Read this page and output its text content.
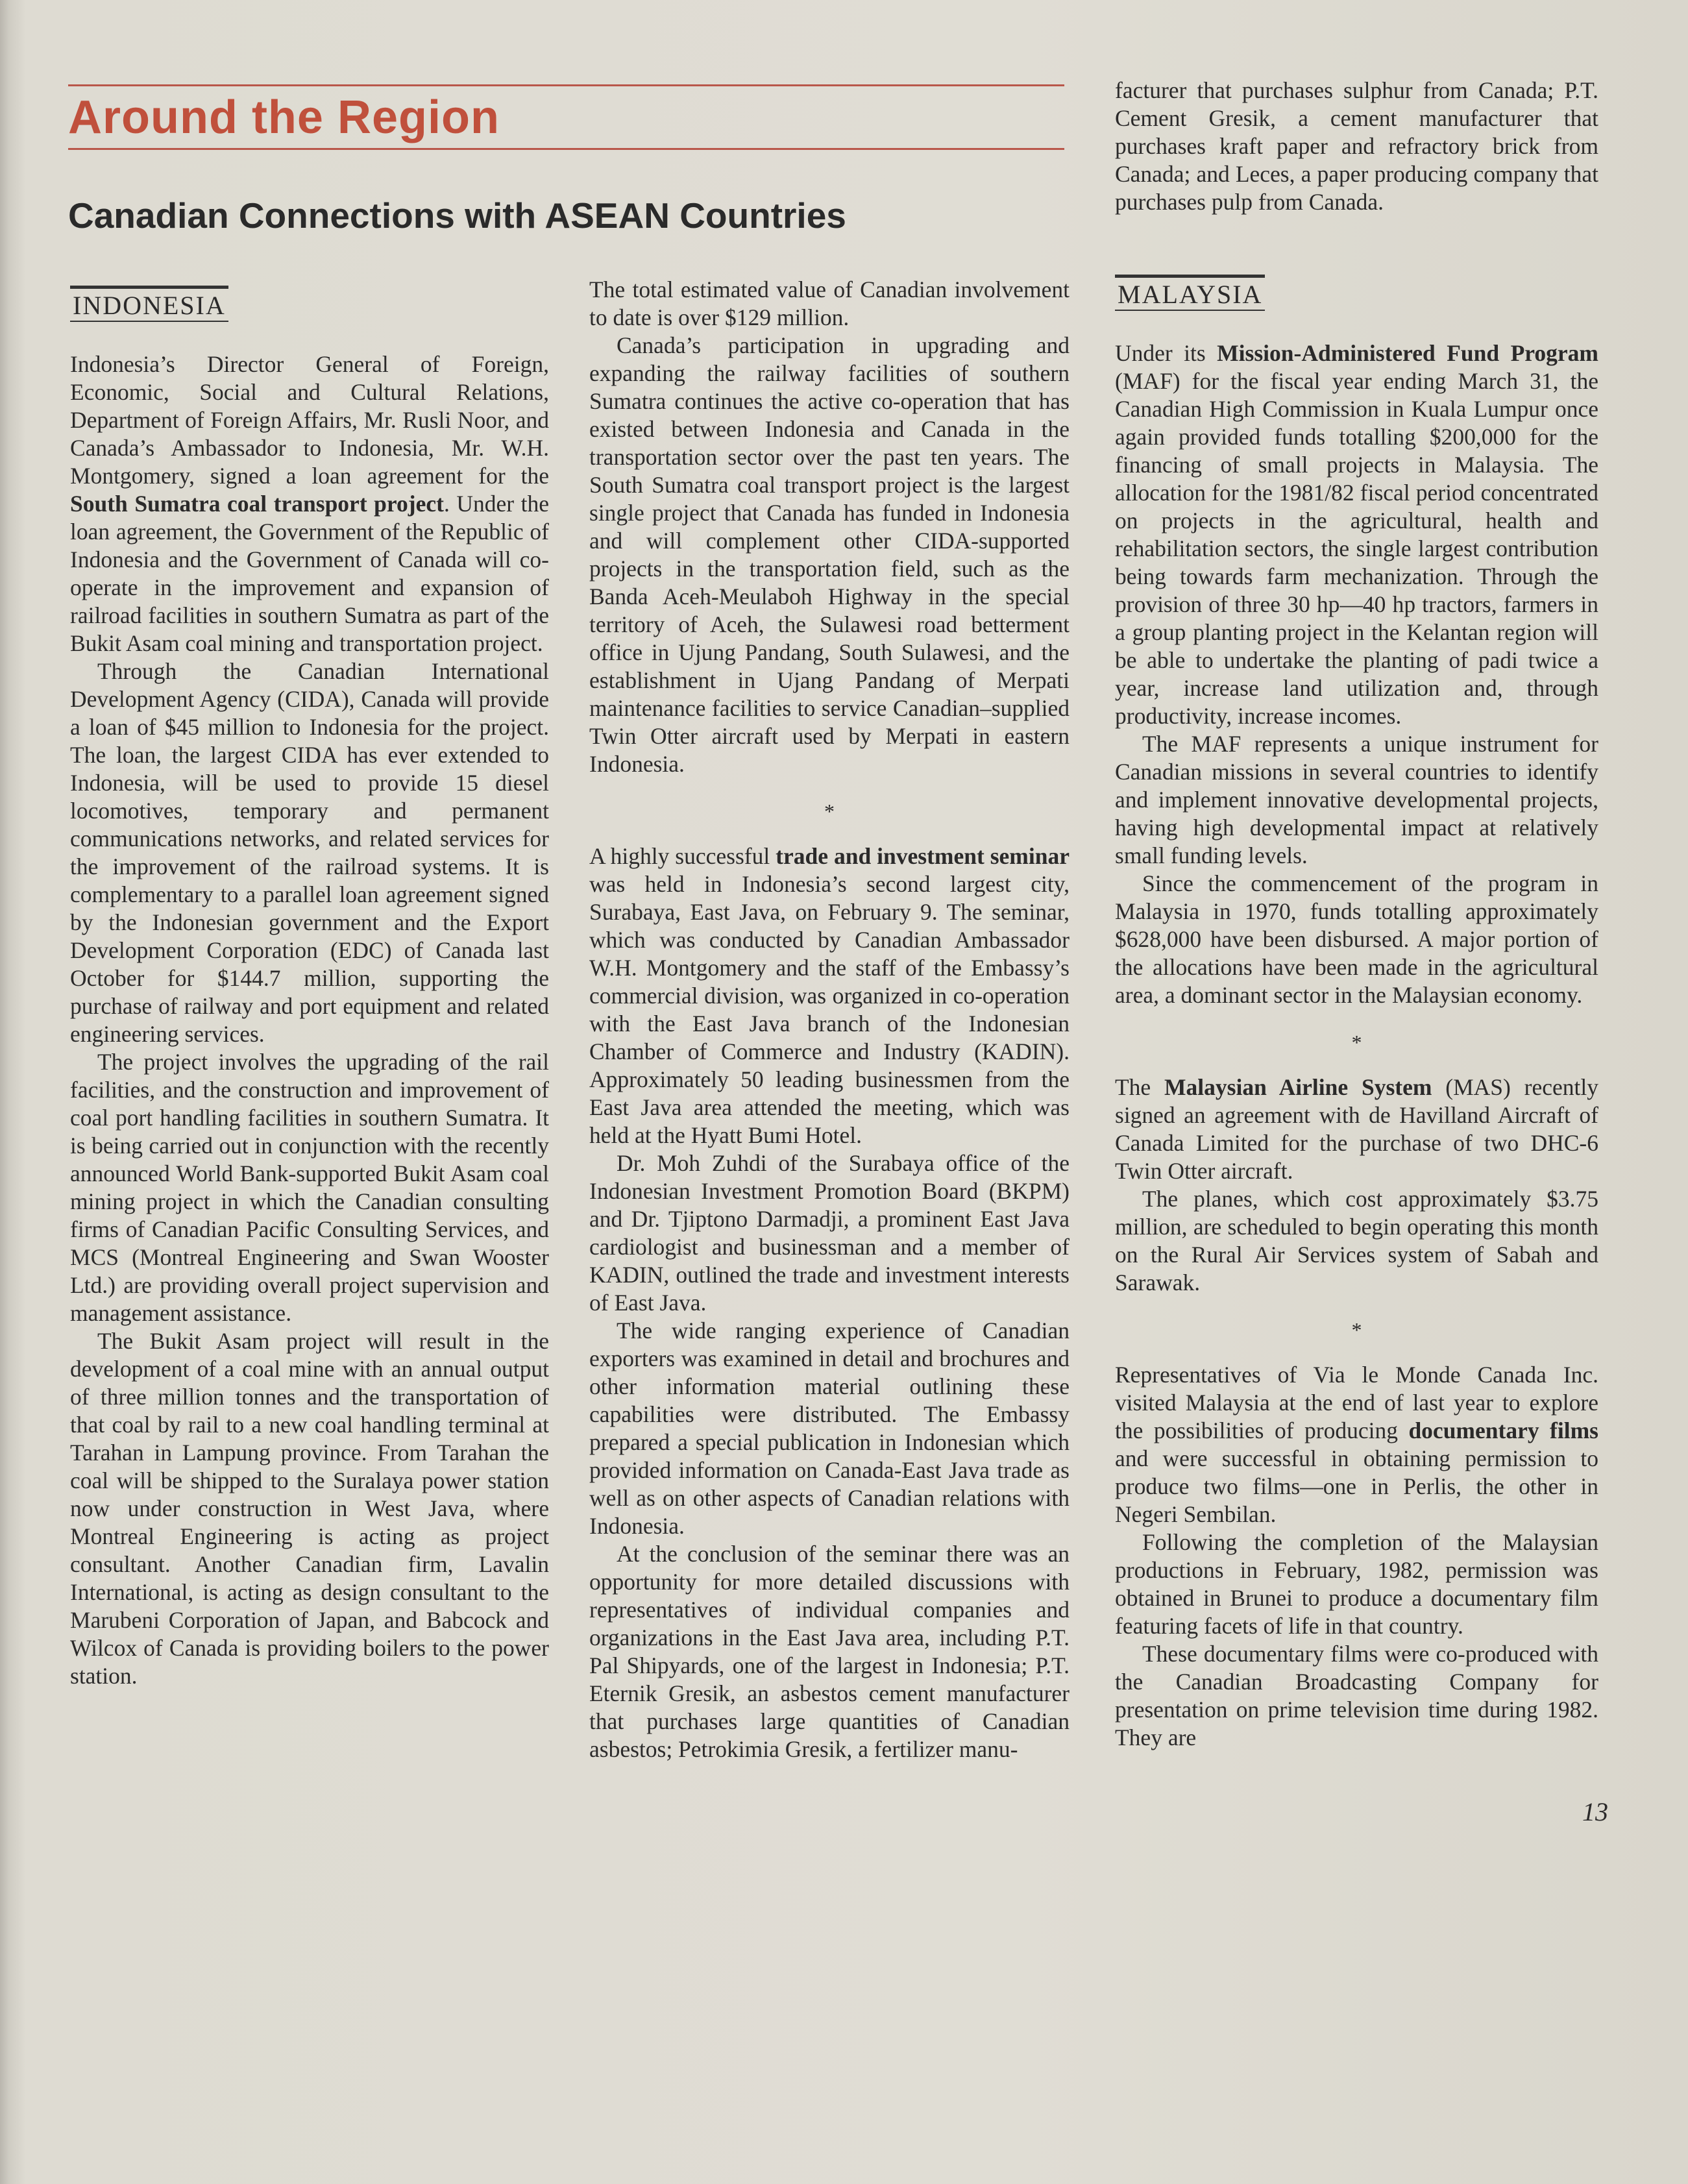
Around the Region
Canadian Connections with ASEAN Countries
INDONESIA

Indonesia’s Director General of Foreign, Economic, Social and Cultural Relations, Department of Foreign Affairs, Mr. Rusli Noor, and Canada’s Ambassador to Indonesia, Mr. W.H. Montgomery, signed a loan agreement for the South Sumatra coal transport project. Under the loan agreement, the Government of the Republic of Indonesia and the Government of Canada will co-operate in the improvement and expansion of railroad facilities in southern Sumatra as part of the Bukit Asam coal mining and transportation project.

Through the Canadian International Development Agency (CIDA), Canada will provide a loan of $45 million to Indonesia for the project. The loan, the largest CIDA has ever extended to Indonesia, will be used to provide 15 diesel locomotives, temporary and permanent communications networks, and related services for the improvement of the railroad systems. It is complementary to a parallel loan agreement signed by the Indonesian government and the Export Development Corporation (EDC) of Canada last October for $144.7 million, supporting the purchase of railway and port equipment and related engineering services.

The project involves the upgrading of the rail facilities, and the construction and improvement of coal port handling facilities in southern Sumatra. It is being carried out in conjunction with the recently announced World Bank-supported Bukit Asam coal mining project in which the Canadian consulting firms of Canadian Pacific Consulting Services, and MCS (Montreal Engineering and Swan Wooster Ltd.) are providing overall project supervision and management assistance.

The Bukit Asam project will result in the development of a coal mine with an annual output of three million tonnes and the transportation of that coal by rail to a new coal handling terminal at Tarahan in Lampung province. From Tarahan the coal will be shipped to the Suralaya power station now under construction in West Java, where Montreal Engineering is acting as project consultant. Another Canadian firm, Lavalin International, is acting as design consultant to the Marubeni Corporation of Japan, and Babcock and Wilcox of Canada is providing boilers to the power station.

The total estimated value of Canadian involvement to date is over $129 million.

Canada’s participation in upgrading and expanding the railway facilities of southern Sumatra continues the active co-operation that has existed between Indonesia and Canada in the transportation sector over the past ten years. The South Sumatra coal transport project is the largest single project that Canada has funded in Indonesia and will complement other CIDA-supported projects in the transportation field, such as the Banda Aceh-Meulaboh Highway in the special territory of Aceh, the Sulawesi road betterment office in Ujung Pandang, South Sulawesi, and the establishment in Ujang Pandang of Merpati maintenance facilities to service Canadian–supplied Twin Otter aircraft used by Merpati in eastern Indonesia.

*

A highly successful trade and investment seminar was held in Indonesia’s second largest city, Surabaya, East Java, on February 9. The seminar, which was conducted by Canadian Ambassador W.H. Montgomery and the staff of the Embassy’s commercial division, was organized in co-operation with the East Java branch of the Indonesian Chamber of Commerce and Industry (KADIN). Approximately 50 leading businessmen from the East Java area attended the meeting, which was held at the Hyatt Bumi Hotel.

Dr. Moh Zuhdi of the Surabaya office of the Indonesian Investment Promotion Board (BKPM) and Dr. Tjiptono Darmadji, a prominent East Java cardiologist and businessman and a member of KADIN, outlined the trade and investment interests of East Java.

The wide ranging experience of Canadian exporters was examined in detail and brochures and other information material outlining these capabilities were distributed. The Embassy prepared a special publication in Indonesian which provided information on Canada-East Java trade as well as on other aspects of Canadian relations with Indonesia.

At the conclusion of the seminar there was an opportunity for more detailed discussions with representatives of individual companies and organizations in the East Java area, including P.T. Pal Shipyards, one of the largest in Indonesia; P.T. Eternik Gresik, an asbestos cement manufacturer that purchases large quantities of Canadian asbestos; Petrokimia Gresik, a fertilizer manu-

facturer that purchases sulphur from Canada; P.T. Cement Gresik, a cement manufacturer that purchases kraft paper and refractory brick from Canada; and Leces, a paper producing company that purchases pulp from Canada.

MALAYSIA

Under its Mission-Administered Fund Program (MAF) for the fiscal year ending March 31, the Canadian High Commission in Kuala Lumpur once again provided funds totalling $200,000 for the financing of small projects in Malaysia. The allocation for the 1981/82 fiscal period concentrated on projects in the agricultural, health and rehabilitation sectors, the single largest contribution being towards farm mechanization. Through the provision of three 30 hp—40 hp tractors, farmers in a group planting project in the Kelantan region will be able to undertake the planting of padi twice a year, increase land utilization and, through productivity, increase incomes.

The MAF represents a unique instrument for Canadian missions in several countries to identify and implement innovative developmental projects, having high developmental impact at relatively small funding levels.

Since the commencement of the program in Malaysia in 1970, funds totalling approximately $628,000 have been disbursed. A major portion of the allocations have been made in the agricultural area, a dominant sector in the Malaysian economy.

*

The Malaysian Airline System (MAS) recently signed an agreement with de Havilland Aircraft of Canada Limited for the purchase of two DHC-6 Twin Otter aircraft.

The planes, which cost approximately $3.75 million, are scheduled to begin operating this month on the Rural Air Services system of Sabah and Sarawak.

*

Representatives of Via le Monde Canada Inc. visited Malaysia at the end of last year to explore the possibilities of producing documentary films and were successful in obtaining permission to produce two films—one in Perlis, the other in Negeri Sembilan.

Following the completion of the Malaysian productions in February, 1982, permission was obtained in Brunei to produce a documentary film featuring facets of life in that country.

These documentary films were co-produced with the Canadian Broadcasting Company for presentation on prime television time during 1982. They are

13
